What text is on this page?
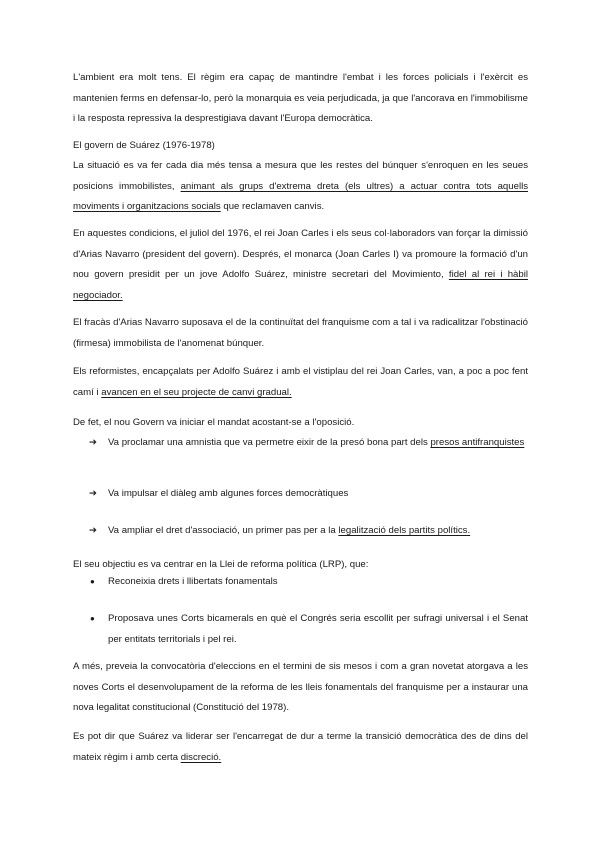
L'ambient era molt tens. El règim era capaç de mantindre l'embat i les forces policials i l'exèrcit es mantenien ferms en defensar-lo, però la monarquia es veia perjudicada, ja que l'ancorava en l'immobilisme i la resposta repressiva la desprestigiava davant l'Europa democràtica.
El govern de Suárez (1976-1978)
La situació es va fer cada dia més tensa a mesura que les restes del búnquer s'enroquen en les seues posicions immobilistes, animant als grups d'extrema dreta (els ultres) a actuar contra tots aquells moviments i organitzacions socials que reclamaven canvis.
En aquestes condicions, el juliol del 1976, el rei Joan Carles i els seus col·laboradors van forçar la dimissió d'Arias Navarro (president del govern). Després, el monarca (Joan Carles I) va promoure la formació d'un nou govern presidit per un jove Adolfo Suárez, ministre secretari del Movimiento, fidel al rei i hàbil negociador.
El fracàs d'Arias Navarro suposava el de la continuïtat del franquisme com a tal i va radicalitzar l'obstinació (firmesa) immobilista de l'anomenat búnquer.
Els reformistes, encapçalats per Adolfo Suárez i amb el vistiplau del rei Joan Carles, van, a poc a poc fent camí i avancen en el seu projecte de canvi gradual.
De fet, el nou Govern va iniciar el mandat acostant-se a l'oposició.
➔	Va proclamar una amnistia que va permetre eixir de la presó bona part dels presos antifranquistes
➔	Va impulsar el diàleg amb algunes forces democràtiques
➔	Va ampliar el dret d'associació, un primer pas per a la legalització dels partits polítics.
El seu objectiu es va centrar en la Llei de reforma política (LRP), que:
● Reconeixia drets i llibertats fonamentals
● Proposava unes Corts bicamerals en què el Congrés seria escollit per sufragi universal i el Senat per entitats territorials i pel rei.
A més, preveia la convocatòria d'eleccions en el termini de sis mesos i com a gran novetat atorgava a les noves Corts el desenvolupament de la reforma de les lleis fonamentals del franquisme per a instaurar una nova legalitat constitucional (Constitució del 1978).
Es pot dir que Suárez va liderar ser l'encarregat de dur a terme la transició democràtica des de dins del mateix règim i amb certa discreció.
